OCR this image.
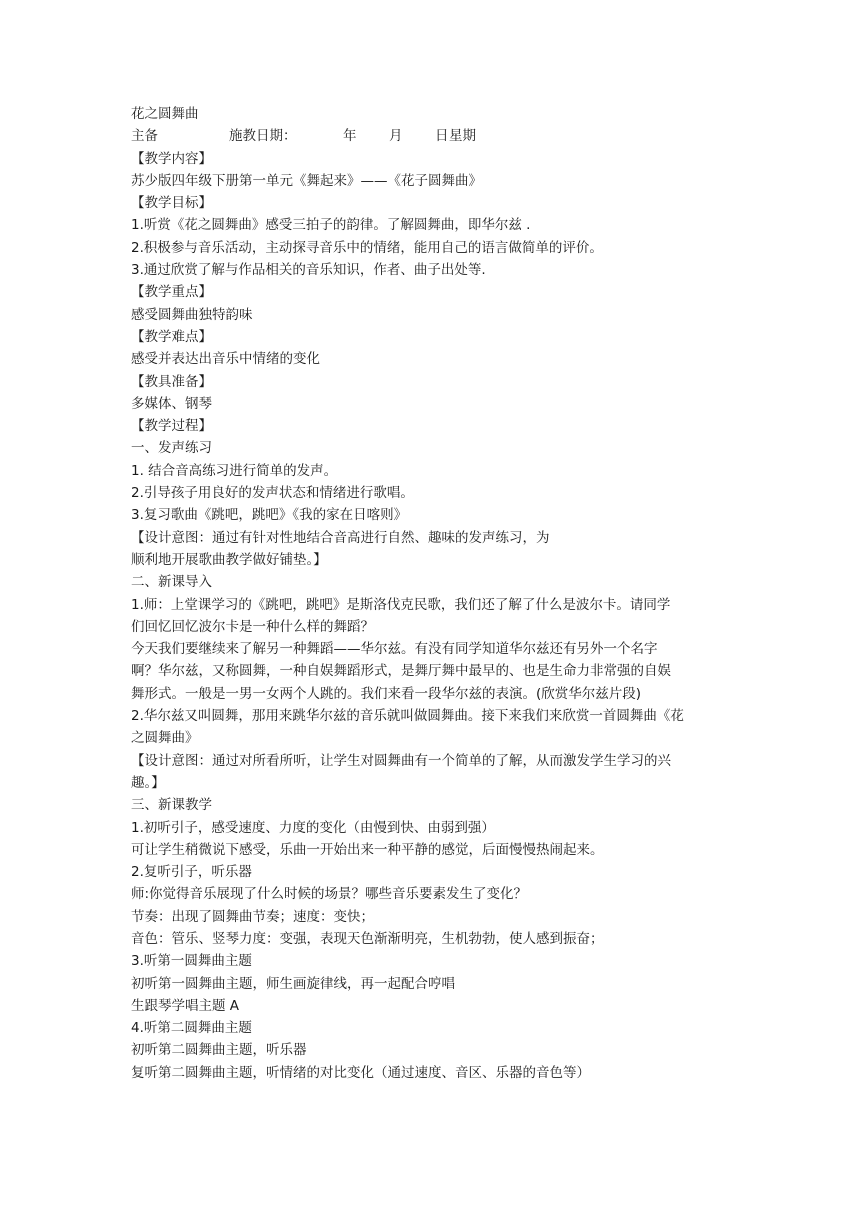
花之圆舞曲
主备	施教日期：	年 月 日星期
【教学内容】
苏少版四年级下册第一单元《舞起来》——《花子圆舞曲》
【教学目标】
1.听赏《花之圆舞曲》感受三拍子的韵律。了解圆舞曲，即华尔兹 .
2.积极参与音乐活动，主动探寻音乐中的情绪，能用自己的语言做简单的评价。
3.通过欣赏了解与作品相关的音乐知识，作者、曲子出处等.
【教学重点】
感受圆舞曲独特韵味
【教学难点】
感受并表达出音乐中情绪的变化
【教具准备】
多媒体、钢琴
【教学过程】
一、发声练习
1. 结合音高练习进行简单的发声。
2.引导孩子用良好的发声状态和情绪进行歌唱。
3.复习歌曲《跳吧，跳吧》《我的家在日喀则》
【设计意图：通过有针对性地结合音高进行自然、趣味的发声练习，为
顺利地开展歌曲教学做好铺垫。】
二、新课导入
1.师：上堂课学习的《跳吧，跳吧》是斯洛伐克民歌，我们还了解了什么是波尔卡。请同学
们回忆回忆波尔卡是一种什么样的舞蹈？
今天我们要继续来了解另一种舞蹈——华尔兹。有没有同学知道华尔兹还有另外一个名字
啊？华尔兹，又称圆舞，一种自娱舞蹈形式，是舞厅舞中最早的、也是生命力非常强的自娱
舞形式。一般是一男一女两个人跳的。我们来看一段华尔兹的表演。(欣赏华尔兹片段)
2.华尔兹又叫圆舞，那用来跳华尔兹的音乐就叫做圆舞曲。接下来我们来欣赏一首圆舞曲《花
之圆舞曲》
【设计意图：通过对所看所听，让学生对圆舞曲有一个简单的了解，从而激发学生学习的兴
趣。】
三、新课教学
1.初听引子，感受速度、力度的变化（由慢到快、由弱到强）
可让学生稍微说下感受，乐曲一开始出来一种平静的感觉，后面慢慢热闹起来。
2.复听引子，听乐器
师:你觉得音乐展现了什么时候的场景？哪些音乐要素发生了变化？
节奏：出现了圆舞曲节奏；速度：变快；
音色：管乐、竖琴力度：变强，表现天色渐渐明亮，生机勃勃，使人感到振奋；
3.听第一圆舞曲主题
初听第一圆舞曲主题，师生画旋律线，再一起配合哼唱
生跟琴学唱主题 A
4.听第二圆舞曲主题
初听第二圆舞曲主题，听乐器
复听第二圆舞曲主题，听情绪的对比变化（通过速度、音区、乐器的音色等）
